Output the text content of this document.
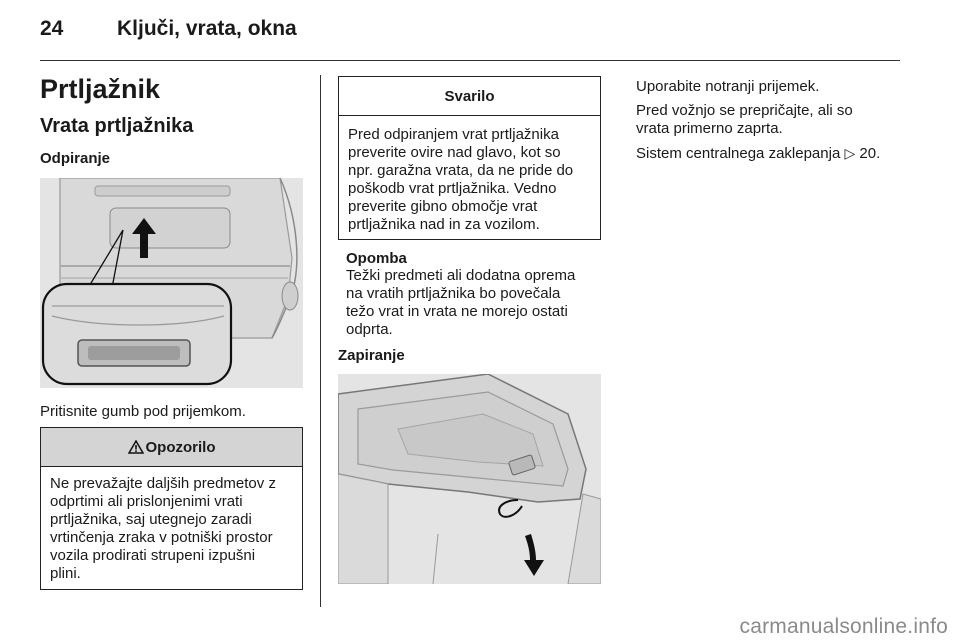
24	Ključi, vrata, okna
Prtljažnik
Vrata prtljažnika
Odpiranje
Pritisnite gumb pod prijemkom.
Opozorilo
Ne prevažajte daljših predmetov z
odprtimi ali prislonjenimi vrati
prtljažnika, saj utegnejo zaradi
vrtinčenja zraka v potniški prostor
vozila prodirati strupeni izpušni
plini.
Svarilo
Pred odpiranjem vrat prtljažnika
preverite ovire nad glavo, kot so
npr. garažna vrata, da ne pride do
poškodb vrat prtljažnika. Vedno
preverite gibno območje vrat
prtljažnika nad in za vozilom.
Opomba
Težki predmeti ali dodatna oprema
na vratih prtljažnika bo povečala
težo vrat in vrata ne morejo ostati
odprta.
Zapiranje
Uporabite notranji prijemek.
Pred vožnjo se prepričajte, ali so
vrata primerno zaprta.
Sistem centralnega zaklepanja ▷ 20.
carmanualsonline.info
